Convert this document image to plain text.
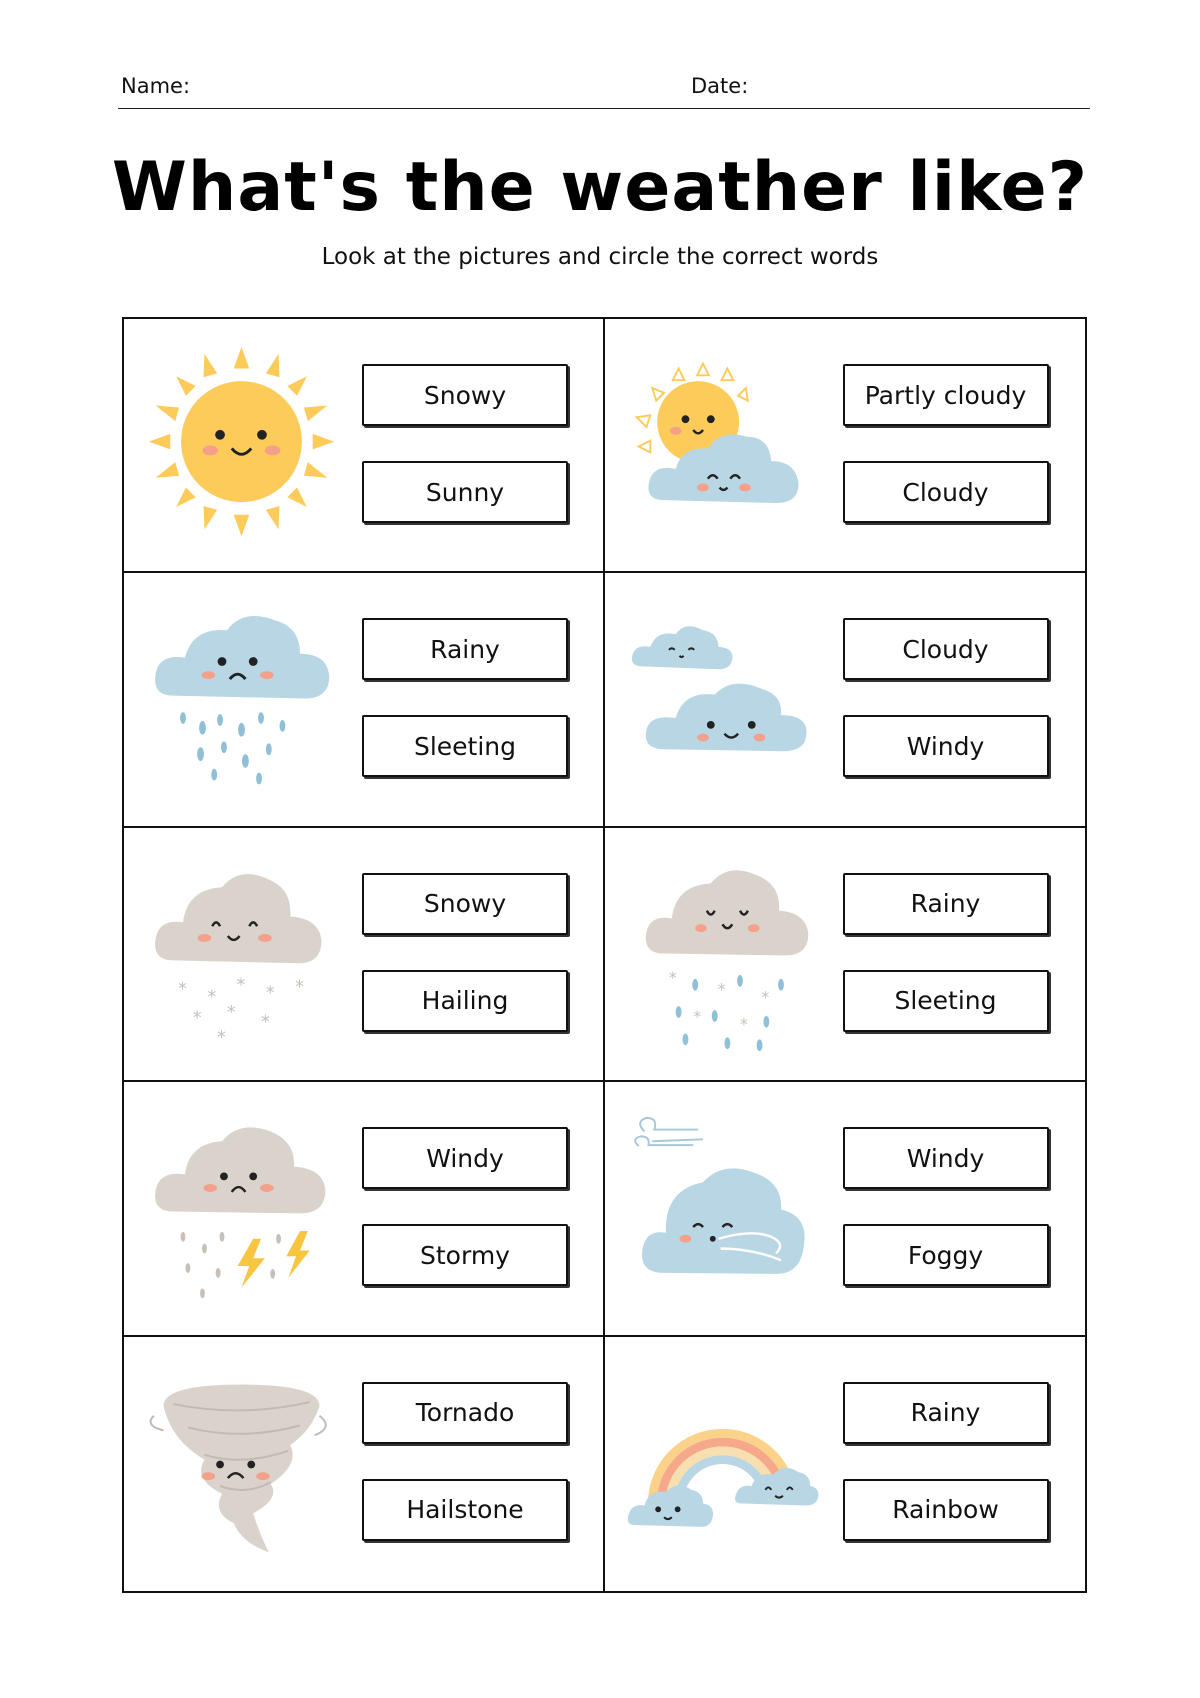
Name:	Date:
What's the weather like?
Look at the pictures and circle the correct words
Snowy
Sunny
Partly cloudy
Cloudy
Rainy
Sleeting
Cloudy
Windy
* *
* * *
* * *
*
Snowy
Hailing
*
* *
* *
Rainy
Sleeting
Windy
Stormy
Windy
Foggy
Tornado
Hailstone
Rainy
Rainbow
